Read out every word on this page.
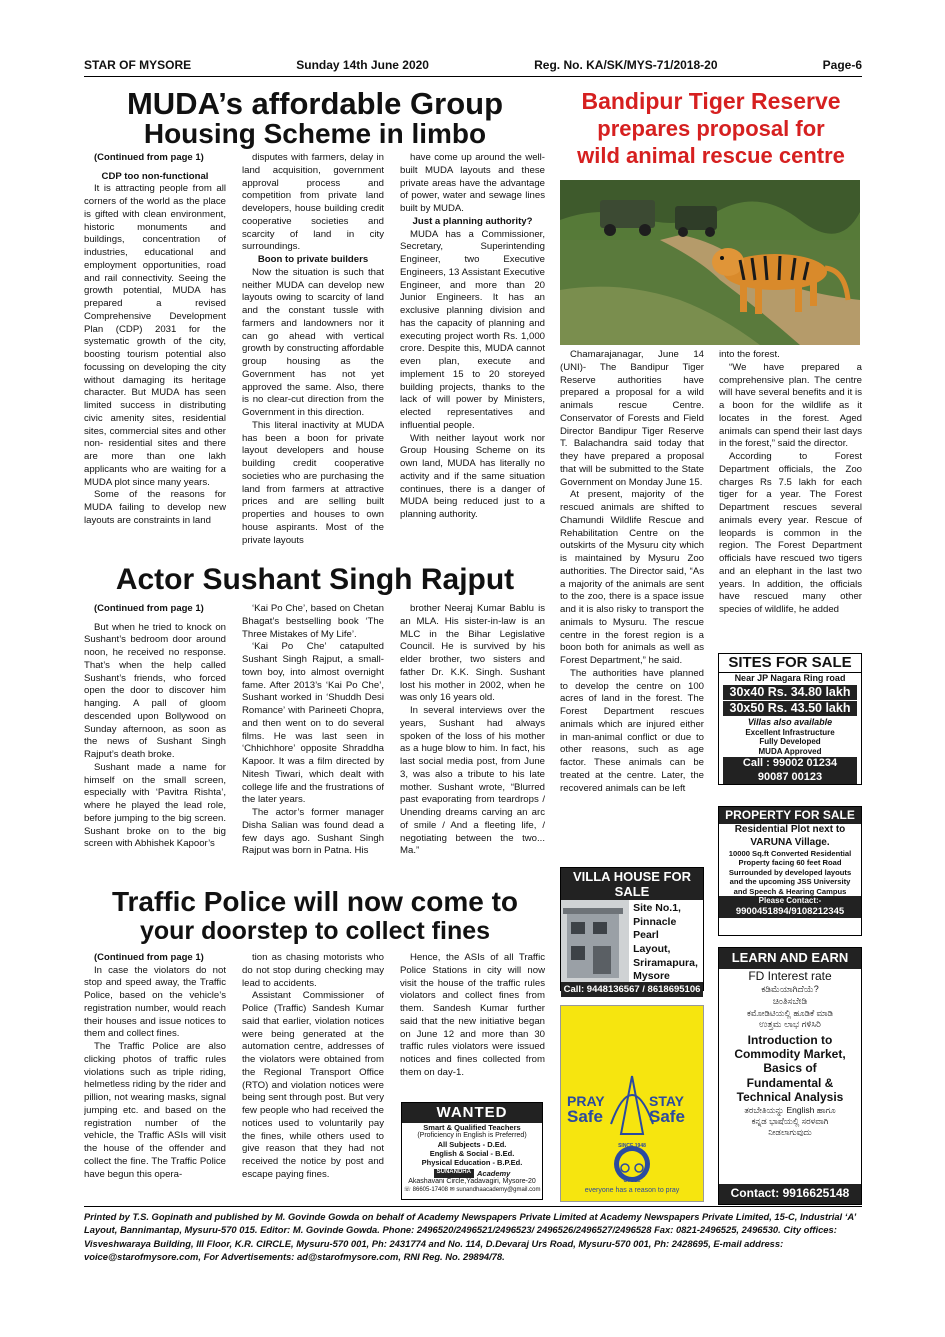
STAR OF MYSORE	Sunday 14th June 2020	Reg. No. KA/SK/MYS-71/2018-20	Page-6
MUDA’s affordable Group
Housing Scheme in limbo

(Continued from page 1)

CDP too non-functional

It is attracting people from all corners of the world as the place is gifted with clean environment, historic monuments and buildings, concentration of industries, educational and employment opportunities, road and rail connectivity. Seeing the growth potential, MUDA has prepared a revised Comprehensive Development Plan (CDP) 2031 for the systematic growth of the city, boosting tourism potential also focussing on developing the city without damaging its heritage character. But MUDA has seen limited success in distributing civic amenity sites, residential sites, commercial sites and other non- residential sites and there are more than one lakh applicants who are waiting for a MUDA plot since many years.

Some of the reasons for MUDA failing to develop new layouts are constraints in land

disputes with farmers, delay in land acquisition, government approval process and competition from private land developers, house building credit cooperative societies and scarcity of land in city surroundings.

Boon to private builders

Now the situation is such that neither MUDA can develop new layouts owing to scarcity of land and the constant tussle with farmers and landowners nor it can go ahead with vertical growth by constructing affordable group housing as the Government has not yet approved the same. Also, there is no clear-cut direction from the Government in this direction.

This literal inactivity at MUDA has been a boon for private layout developers and house building credit cooperative societies who are purchasing the land from farmers at attractive prices and are selling built properties and houses to own house aspirants. Most of the private layouts

have come up around the well-built MUDA layouts and these private areas have the advantage of power, water and sewage lines built by MUDA.

Just a planning authority?

MUDA has a Commissioner, Secretary, Superintending Engineer, two Executive Engineers, 13 Assistant Executive Engineer, and more than 20 Junior Engineers. It has an exclusive planning division and has the capacity of planning and executing project worth Rs. 1,000 crore. Despite this, MUDA cannot even plan, execute and implement 15 to 20 storeyed building projects, thanks to the lack of will power by Ministers, elected representatives and influential people.

With neither layout work nor Group Housing Scheme on its own land, MUDA has literally no activity and if the same situation continues, there is a danger of MUDA being reduced just to a planning authority.

Actor Sushant Singh Rajput

(Continued from page 1)

But when he tried to knock on Sushant’s bedroom door around noon, he received no response. That’s when the help called Sushant’s friends, who forced open the door to discover him hanging. A pall of gloom descended upon Bollywood on Sunday afternoon, as soon as the news of Sushant Singh Rajput’s death broke.

Sushant made a name for himself on the small screen, especially with ‘Pavitra Rishta’, where he played the lead role, before jumping to the big screen. Sushant broke on to the big screen with Abhishek Kapoor’s

‘Kai Po Che’, based on Chetan Bhagat’s bestselling book ‘The Three Mistakes of My Life’.

‘Kai Po Che’ catapulted Sushant Singh Rajput, a small-town boy, into almost overnight fame. After 2013’s ‘Kai Po Che’, Sushant worked in ‘Shuddh Desi Romance’ with Parineeti Chopra, and then went on to do several films. He was last seen in ‘Chhichhore’ opposite Shraddha Kapoor. It was a film directed by Nitesh Tiwari, which dealt with college life and the frustrations of the later years.

The actor’s former manager Disha Salian was found dead a few days ago. Sushant Singh Rajput was born in Patna. His

brother Neeraj Kumar Bablu is an MLA. His sister-in-law is an MLC in the Bihar Legislative Council. He is survived by his elder brother, two sisters and father Dr. K.K. Singh. Sushant lost his mother in 2002, when he was only 16 years old.

In several interviews over the years, Sushant had always spoken of the loss of his mother as a huge blow to him. In fact, his last social media post, from June 3, was also a tribute to his late mother. Sushant wrote, “Blurred past evaporating from teardrops / Unending dreams carving an arc of smile / And a fleeting life, / negotiating between the two... Ma.”

Traffic Police will now come to
your doorstep to collect fines

(Continued from page 1)

In case the violators do not stop and speed away, the Traffic Police, based on the vehicle’s registration number, would reach their houses and issue notices to them and collect fines.

The Traffic Police are also clicking photos of traffic rules violations such as triple riding, helmetless riding by the rider and pillion, not wearing masks, signal jumping etc. and based on the registration number of the vehicle, the Traffic ASIs will visit the house of the offender and collect the fine. The Traffic Police have begun this opera-

tion as chasing motorists who do not stop during checking may lead to accidents.

Assistant Commissioner of Police (Traffic) Sandesh Kumar said that earlier, violation notices were being generated at the automation centre, addresses of the violators were obtained from the Regional Transport Office (RTO) and violation notices were being sent through post. But very few people who had received the notices used to voluntarily pay the fines, while others used to give reason that they had not received the notice by post and escape paying fines.

Hence, the ASIs of all Traffic Police Stations in city will now visit the house of the traffic rules violators and collect fines from them. Sandesh Kumar further said that the new initiative began on June 12 and more than 30 traffic rules violators were issued notices and fines collected from them on day-1.

WANTED
Smart & Qualified Teachers
(Proficiency in English is Preferred)
All Subjects - D.Ed.
English & Social - B.Ed.
Physical Education - B.P.Ed.
SUNANDHA Academy
Akashavani Circle,Yadavagiri, Mysore-20
☏ 86605-17408 ✉ sunandhaacademy@gmail.com
Bandipur Tiger Reserve
prepares proposal for
wild animal rescue centre

Chamarajanagar, June 14 (UNI)- The Bandipur Tiger Reserve authorities have prepared a proposal for a wild animals rescue Centre. Conservator of Forests and Field Director Bandipur Tiger Reserve T. Balachandra said today that they have prepared a proposal that will be submitted to the State Government on Monday June 15.

At present, majority of the rescued animals are shifted to Chamundi Wildlife Rescue and Rehabilitation Centre on the outskirts of the Mysuru city which is maintained by Mysuru Zoo authorities. The Director said, “As a majority of the animals are sent to the zoo, there is a space issue and it is also risky to transport the animals to Mysuru. The rescue centre in the forest region is a boon both for animals as well as Forest Department,” he said.

The authorities have planned to develop the centre on 100 acres of land in the forest. The Forest Department rescues animals which are injured either in man-animal conflict or due to other reasons, such as age factor. These animals can be treated at the centre. Later, the recovered animals can be left

into the forest.

“We have prepared a comprehensive plan. The centre will have several benefits and it is a boon for the wildlife as it locates in the forest. Aged animals can spend their last days in the forest,” said the director.

According to Forest Department officials, the Zoo charges Rs 7.5 lakh for each tiger for a year. The Forest Department rescues several animals every year. Rescue of leopards is common in the region. The Forest Department officials have rescued two tigers and an elephant in the last two years. In addition, the officials have rescued many other species of wildlife, he added

SITES FOR SALE
Near JP Nagara Ring road
30x40 Rs. 34.80 lakh
30x50 Rs. 43.50 lakh
Villas also available
Excellent Infrastructure
Fully Developed
MUDA Approved
Call : 99002 01234
90087 00123
VILLA HOUSE FOR SALE
Site No.1,
Pinnacle Pearl
Layout,
Sriramapura,
Mysore
Call: 9448136567 / 8618695106
PRAY
Safe
STAY
Safe
SINCE 1948
CYCLE
everyone has a reason to pray
PROPERTY FOR SALE
Residential Plot next to
VARUNA Village.
10000 Sq.ft Converted Residential
Property facing 60 feet Road
Surrounded by developed layouts
and the upcoming JSS University
and Speech & Hearing Campus
Please Contact:-
9900451894/9108212345
LEARN AND EARN
FD Interest rate
ಕಡಿಮೆಯಾಗಿದೆಯೆ?
ಚಿಂತಿಸಬೇಡಿ
ಕಮೋಡಿಟಿಯಲ್ಲಿ ಹೂಡಿಕೆ ಮಾಡಿ
ಉತ್ತಮ ಲಾಭ ಗಳಿಸಿರಿ
Introduction to
Commodity Market,
Basics of
Fundamental &
Technical Analysis
ತರಬೇತಿಯನ್ನು English ಹಾಗೂ
ಕನ್ನಡ ಭಾಷೆಯಲ್ಲಿ ಸರಳವಾಗಿ
ನೀಡಲಾಗುವುದು
Contact: 9916625148
Printed by T.S. Gopinath and published by M. Govinde Gowda on behalf of Academy Newspapers Private Limited at Academy Newspapers Private Limited, 15-C, Industrial ‘A’ Layout, Bannimantap, Mysuru-570 015. Editor: M. Govinde Gowda. Phone: 2496520/2496521/2496523/ 2496526/2496527/2496528 Fax: 0821-2496525, 2496530. City offices: Visveshwaraya Building, III Floor, K.R. CIRCLE, Mysuru-570 001, Ph: 2431774 and No. 114, D.Devaraj Urs Road, Mysuru-570 001, Ph: 2428695, E-mail address: voice@starofmysore.com, For Advertisements: ad@starofmysore.com, RNI Reg. No. 29894/78.
